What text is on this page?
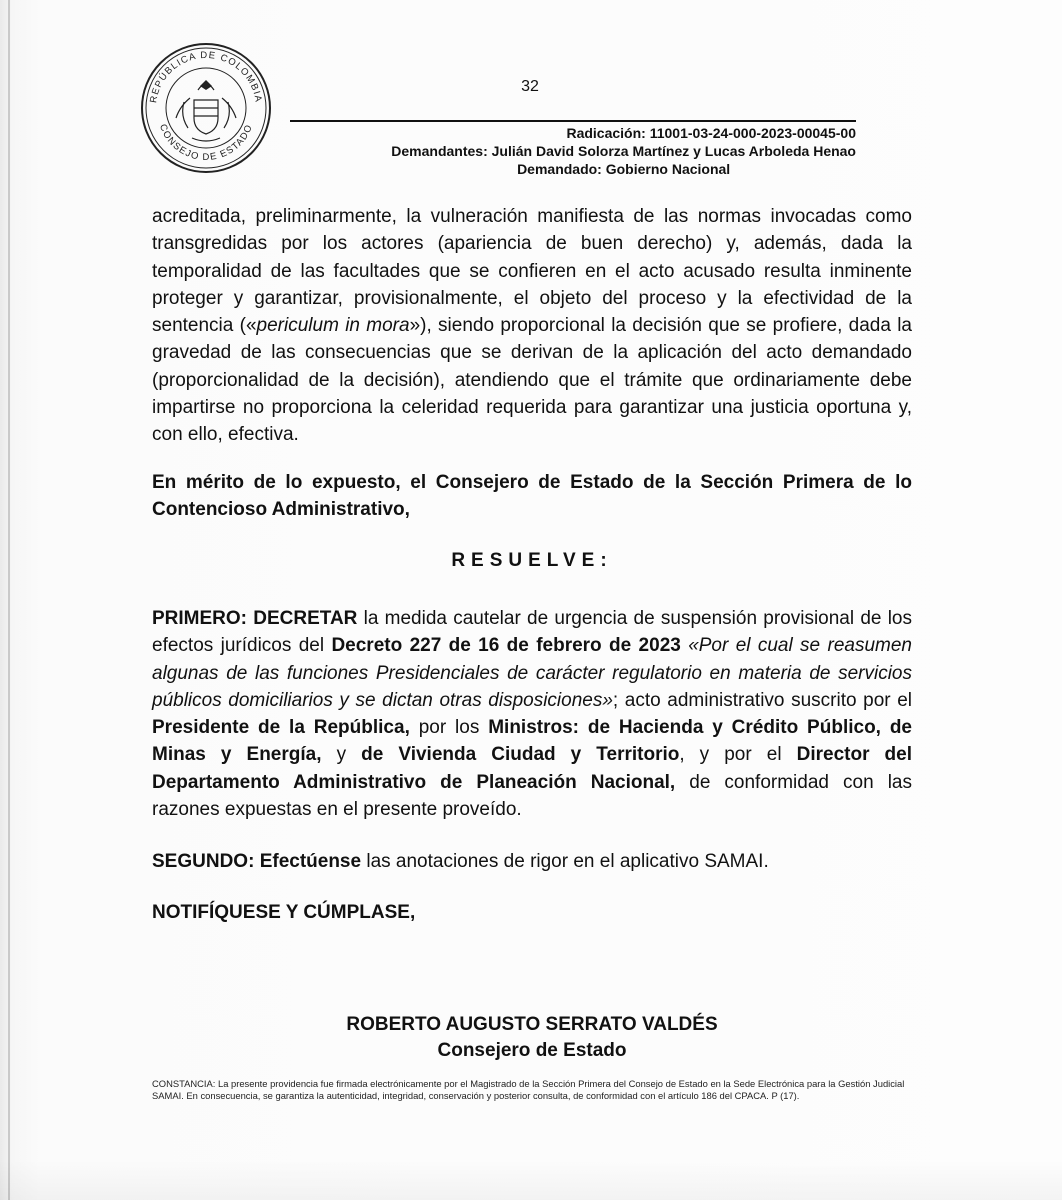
REPÚBLICA DE COLOMBIA
CONSEJO DE ESTADO
32
Radicación: 11001-03-24-000-2023-00045-00
Demandantes: Julián David Solorza Martínez y Lucas Arboleda Henao
Demandado: Gobierno Nacional
acreditada, preliminarmente, la vulneración manifiesta de las normas invocadas como transgredidas por los actores (apariencia de buen derecho) y, además, dada la temporalidad de las facultades que se confieren en el acto acusado resulta inminente proteger y garantizar, provisionalmente, el objeto del proceso y la efectividad de la sentencia («periculum in mora»), siendo proporcional la decisión que se profiere, dada la gravedad de las consecuencias que se derivan de la aplicación del acto demandado (proporcionalidad de la decisión), atendiendo que el trámite que ordinariamente debe impartirse no proporciona la celeridad requerida para garantizar una justicia oportuna y, con ello, efectiva.
En mérito de lo expuesto, el Consejero de Estado de la Sección Primera de lo Contencioso Administrativo,
RESUELVE:
PRIMERO: DECRETAR la medida cautelar de urgencia de suspensión provisional de los efectos jurídicos del Decreto 227 de 16 de febrero de 2023 «Por el cual se reasumen algunas de las funciones Presidenciales de carácter regulatorio en materia de servicios públicos domiciliarios y se dictan otras disposiciones»; acto administrativo suscrito por el Presidente de la República, por los Ministros: de Hacienda y Crédito Público, de Minas y Energía, y de Vivienda Ciudad y Territorio, y por el Director del Departamento Administrativo de Planeación Nacional, de conformidad con las razones expuestas en el presente proveído.
SEGUNDO: Efectúense las anotaciones de rigor en el aplicativo SAMAI.
NOTIFÍQUESE Y CÚMPLASE,
ROBERTO AUGUSTO SERRATO VALDÉS
Consejero de Estado
CONSTANCIA: La presente providencia fue firmada electrónicamente por el Magistrado de la Sección Primera del Consejo de Estado en la Sede Electrónica para la Gestión Judicial SAMAI. En consecuencia, se garantiza la autenticidad, integridad, conservación y posterior consulta, de conformidad con el artículo 186 del CPACA. P (17).
